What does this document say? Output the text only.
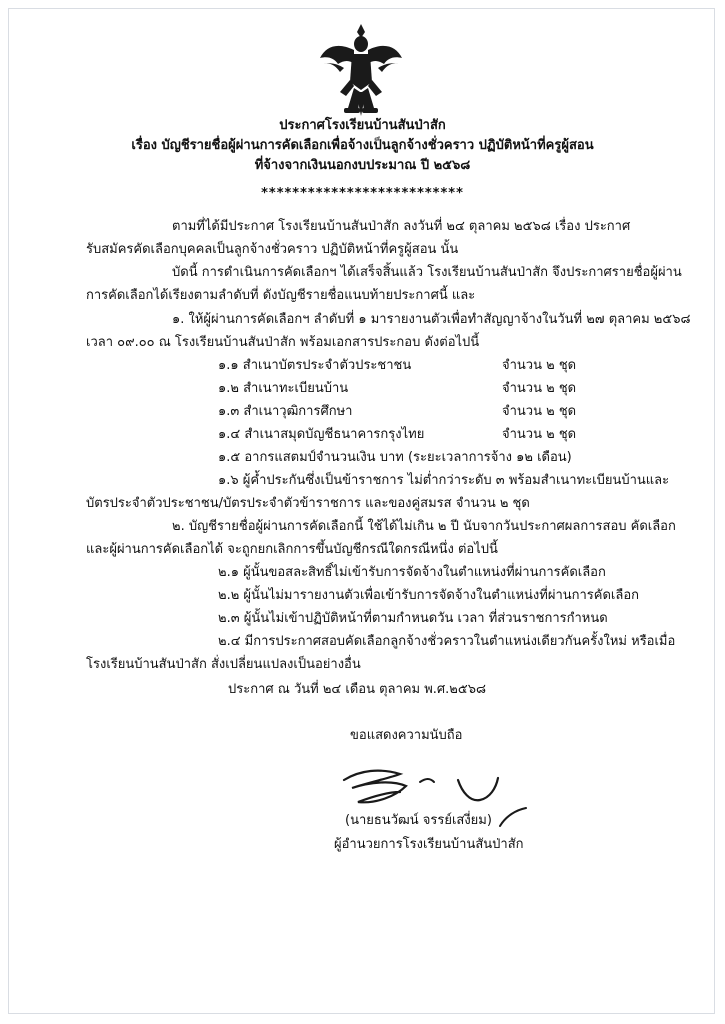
ประกาศโรงเรียนบ้านสันป่าสัก
เรื่อง บัญชีรายชื่อผู้ผ่านการคัดเลือกเพื่อจ้างเป็นลูกจ้างชั่วคราว ปฏิบัติหน้าที่ครูผู้สอน
ที่จ้างจากเงินนอกงบประมาณ ปี ๒๕๖๘
**************************
ตามที่ได้มีประกาศ โรงเรียนบ้านสันป่าสัก ลงวันที่ ๒๔ ตุลาคม ๒๕๖๘ เรื่อง ประกาศ
รับสมัครคัดเลือกบุคคลเป็นลูกจ้างชั่วคราว ปฏิบัติหน้าที่ครูผู้สอน นั้น
บัดนี้ การดำเนินการคัดเลือกฯ ได้เสร็จสิ้นแล้ว โรงเรียนบ้านสันป่าสัก จึงประกาศรายชื่อผู้ผ่าน
การคัดเลือกได้เรียงตามลำดับที่ ดังบัญชีรายชื่อแนบท้ายประกาศนี้ และ
๑. ให้ผู้ผ่านการคัดเลือกฯ ลำดับที่ ๑ มารายงานตัวเพื่อทำสัญญาจ้างในวันที่ ๒๗ ตุลาคม ๒๕๖๘
เวลา ๐๙.๐๐ ณ โรงเรียนบ้านสันป่าสัก พร้อมเอกสารประกอบ ดังต่อไปนี้
๑.๑ สำเนาบัตรประจำตัวประชาชน	จำนวน ๒ ชุด
๑.๒ สำเนาทะเบียนบ้าน	จำนวน ๒ ชุด
๑.๓ สำเนาวุฒิการศึกษา	จำนวน ๒ ชุด
๑.๔ สำเนาสมุดบัญชีธนาคารกรุงไทย	จำนวน ๒ ชุด
๑.๕ อากรแสตมป์จำนวนเงิน บาท (ระยะเวลาการจ้าง ๑๒ เดือน)
๑.๖ ผู้ค้ำประกันซึ่งเป็นข้าราชการ ไม่ต่ำกว่าระดับ ๓ พร้อมสำเนาทะเบียนบ้านและ
บัตรประจำตัวประชาชน/บัตรประจำตัวข้าราชการ และของคู่สมรส จำนวน ๒ ชุด
๒. บัญชีรายชื่อผู้ผ่านการคัดเลือกนี้ ใช้ได้ไม่เกิน ๒ ปี นับจากวันประกาศผลการสอบ คัดเลือก
และผู้ผ่านการคัดเลือกได้ จะถูกยกเลิกการขึ้นบัญชีกรณีใดกรณีหนึ่ง ต่อไปนี้
๒.๑ ผู้นั้นขอสละสิทธิ์ไม่เข้ารับการจัดจ้างในตำแหน่งที่ผ่านการคัดเลือก
๒.๒ ผู้นั้นไม่มารายงานตัวเพื่อเข้ารับการจัดจ้างในตำแหน่งที่ผ่านการคัดเลือก
๒.๓ ผู้นั้นไม่เข้าปฏิบัติหน้าที่ตามกำหนดวัน เวลา ที่ส่วนราชการกำหนด
๒.๔ มีการประกาศสอบคัดเลือกลูกจ้างชั่วคราวในตำแหน่งเดียวกันครั้งใหม่ หรือเมื่อ
โรงเรียนบ้านสันป่าสัก สั่งเปลี่ยนแปลงเป็นอย่างอื่น
ประกาศ ณ วันที่ ๒๔ เดือน ตุลาคม พ.ศ.๒๕๖๘
ขอแสดงความนับถือ
(นายธนวัฒน์ จรรย์เสงี่ยม)
ผู้อำนวยการโรงเรียนบ้านสันป่าสัก
